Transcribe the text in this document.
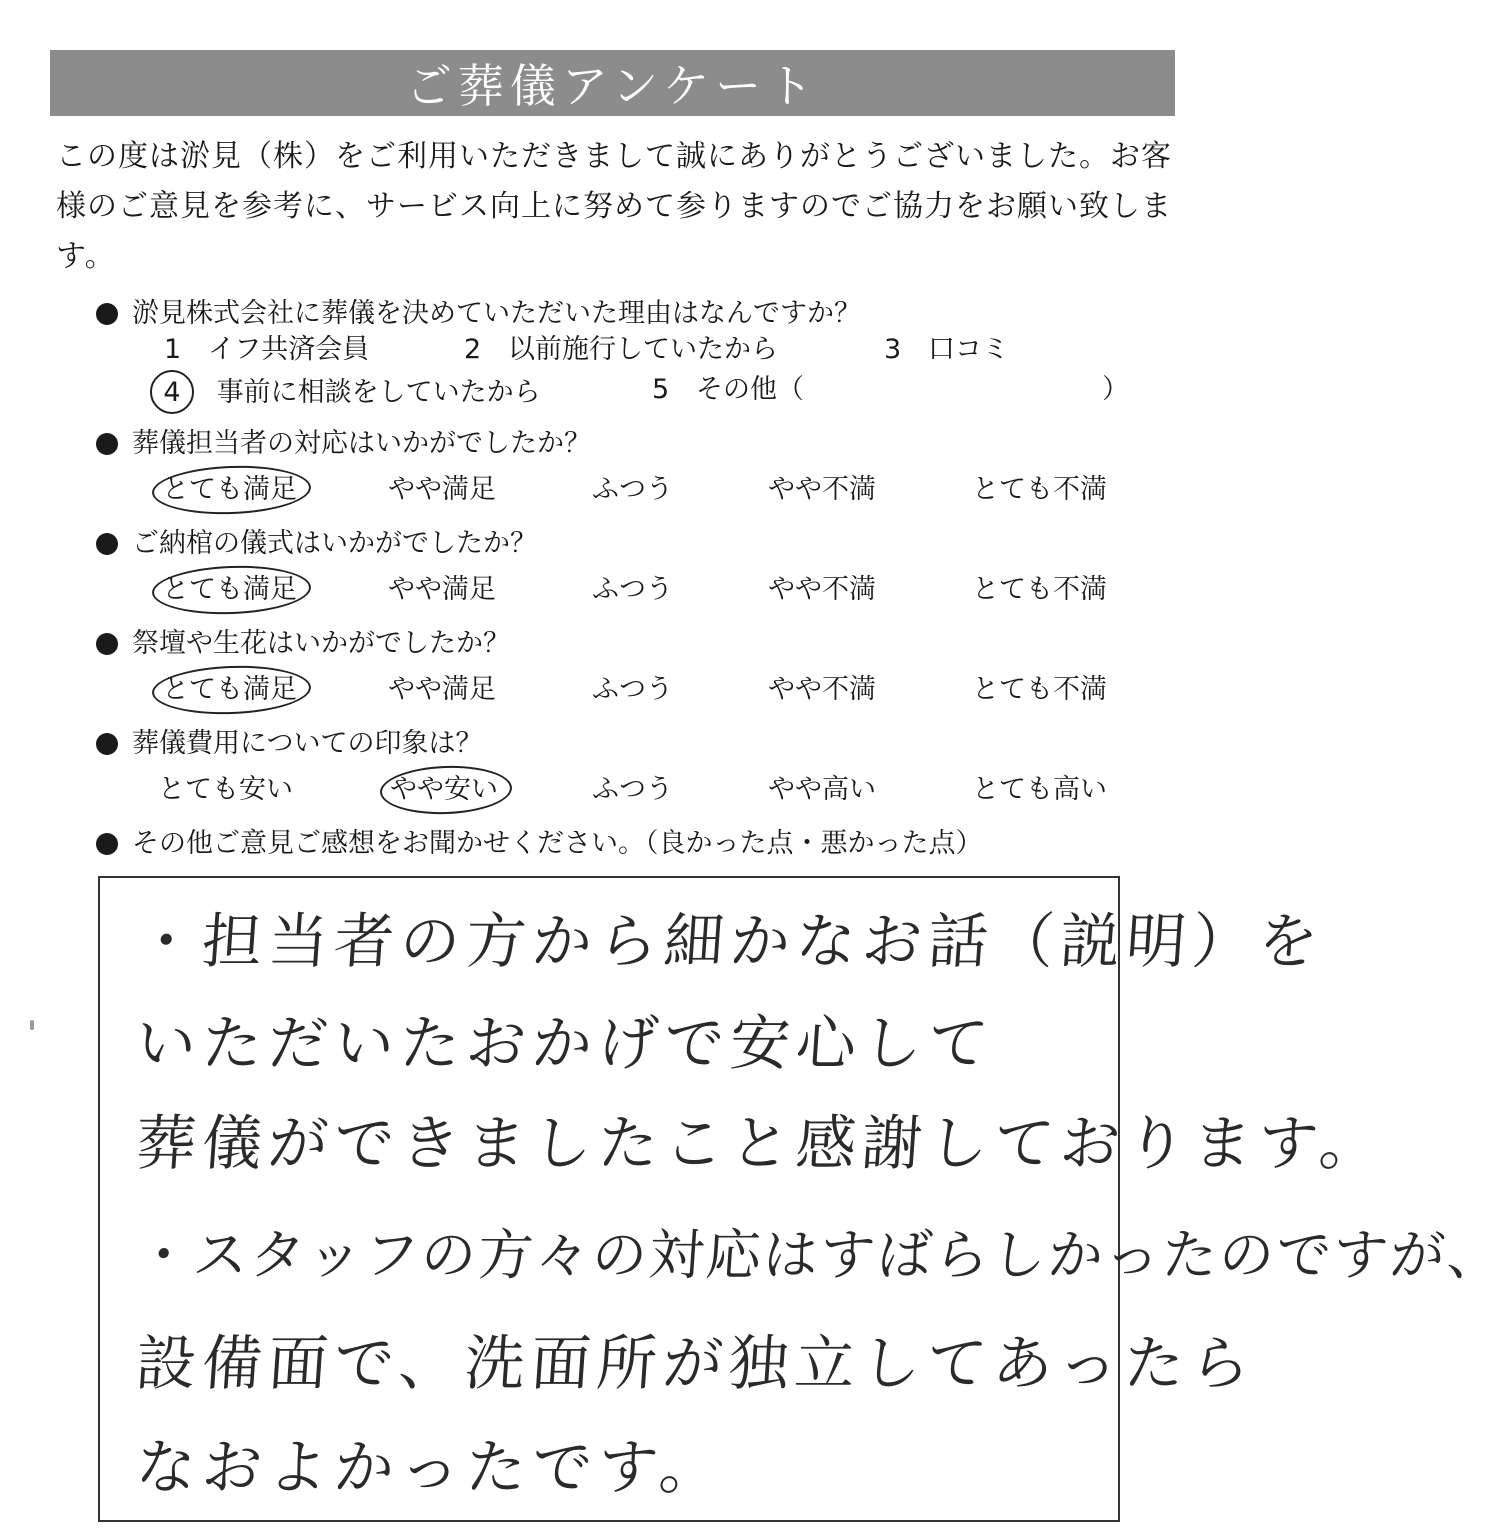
ご葬儀アンケート
この度は淤見（株）をご利用いただきまして誠にありがとうございました。お客様のご意見を参考に、サービス向上に努めて参りますのでご協力をお願い致します。
淤見株式会社に葬儀を決めていただいた理由はなんですか？
1 イフ共済会員	2 以前施行していたから	3 口コミ
4 事前に相談をしていたから	5 その他（	）
葬儀担当者の対応はいかがでしたか？
とても満足	やや満足	ふつう	やや不満	とても不満
ご納棺の儀式はいかがでしたか？
とても満足	やや満足	ふつう	やや不満	とても不満
祭壇や生花はいかがでしたか？
とても満足	やや満足	ふつう	やや不満	とても不満
葬儀費用についての印象は？
とても安い	やや安い	ふつう	やや高い	とても高い
その他ご意見ご感想をお聞かせください。（良かった点・悪かった点）
・担当者の方から細かなお話（説明）を
いただいたおかげで安心して
葬儀ができましたこと感謝しております。
・スタッフの方々の対応はすばらしかったのですが、
設備面で、洗面所が独立してあったら
なおよかったです。
